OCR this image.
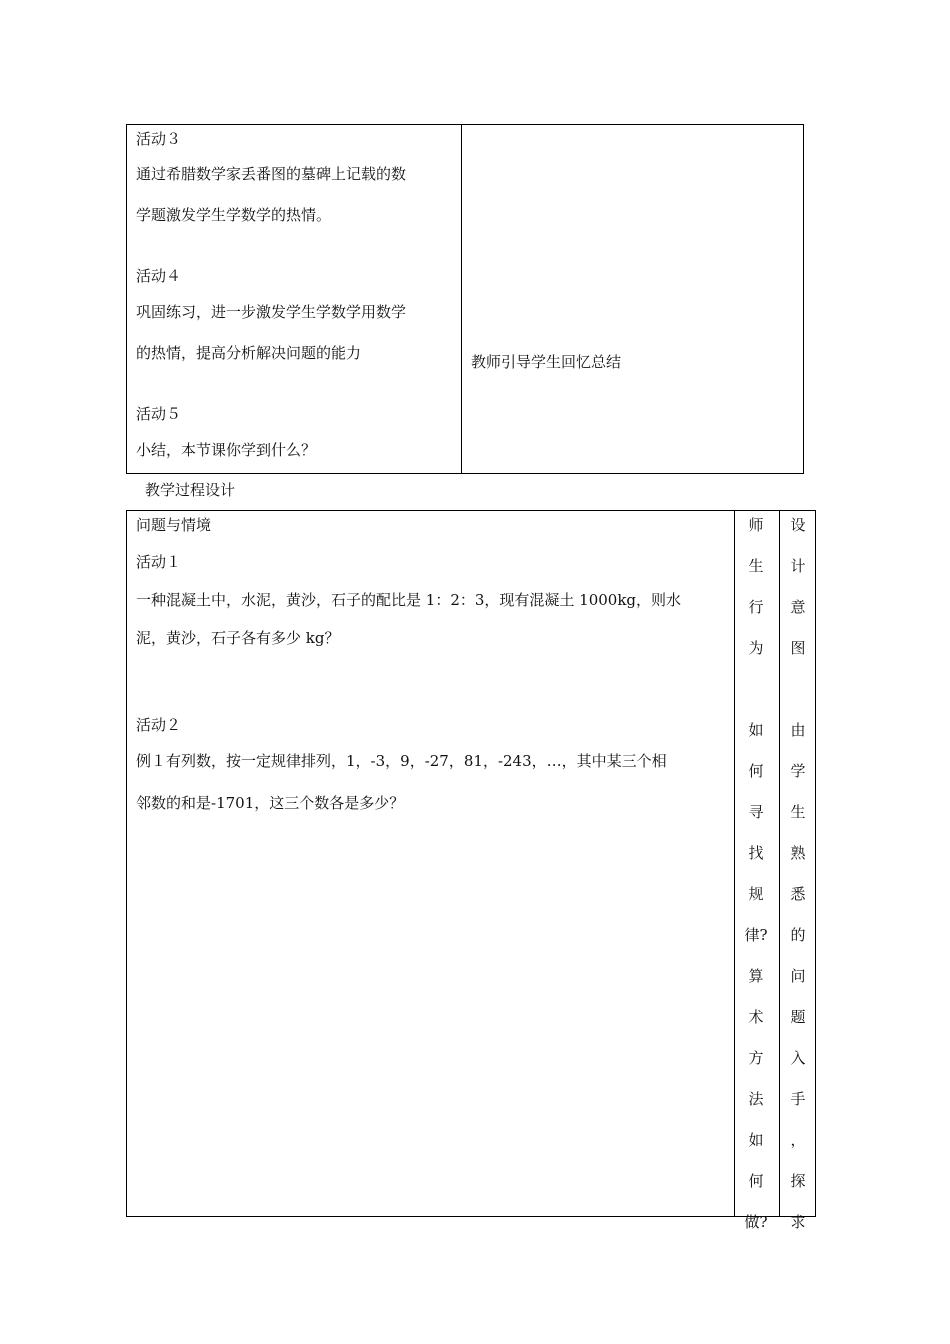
活动３
通过希腊数学家丢番图的墓碑上记载的数
学题激发学生学数学的热情。
活动４
巩固练习，进一步激发学生学数学用数学
的热情，提高分析解决问题的能力
活动５
小结，本节课你学到什么？
教师引导学生回忆总结
教学过程设计
问题与情境
活动１
一种混凝土中，水泥，黄沙，石子的配比是 1：2：3，现有混凝土 1000kg，则水
泥，黄沙，石子各有多少 kg？
活动２
例１有列数，按一定规律排列，1，-3，9，-27，81，-243，…，其中某三个相
邻数的和是-1701，这三个数各是多少？
师
生
行
为
如
何
寻
找
规
律?
算
术
方
法
如
何
做?
设
计
意
图
由
学
生
熟
悉
的
问
题
入
手
，
探
求
